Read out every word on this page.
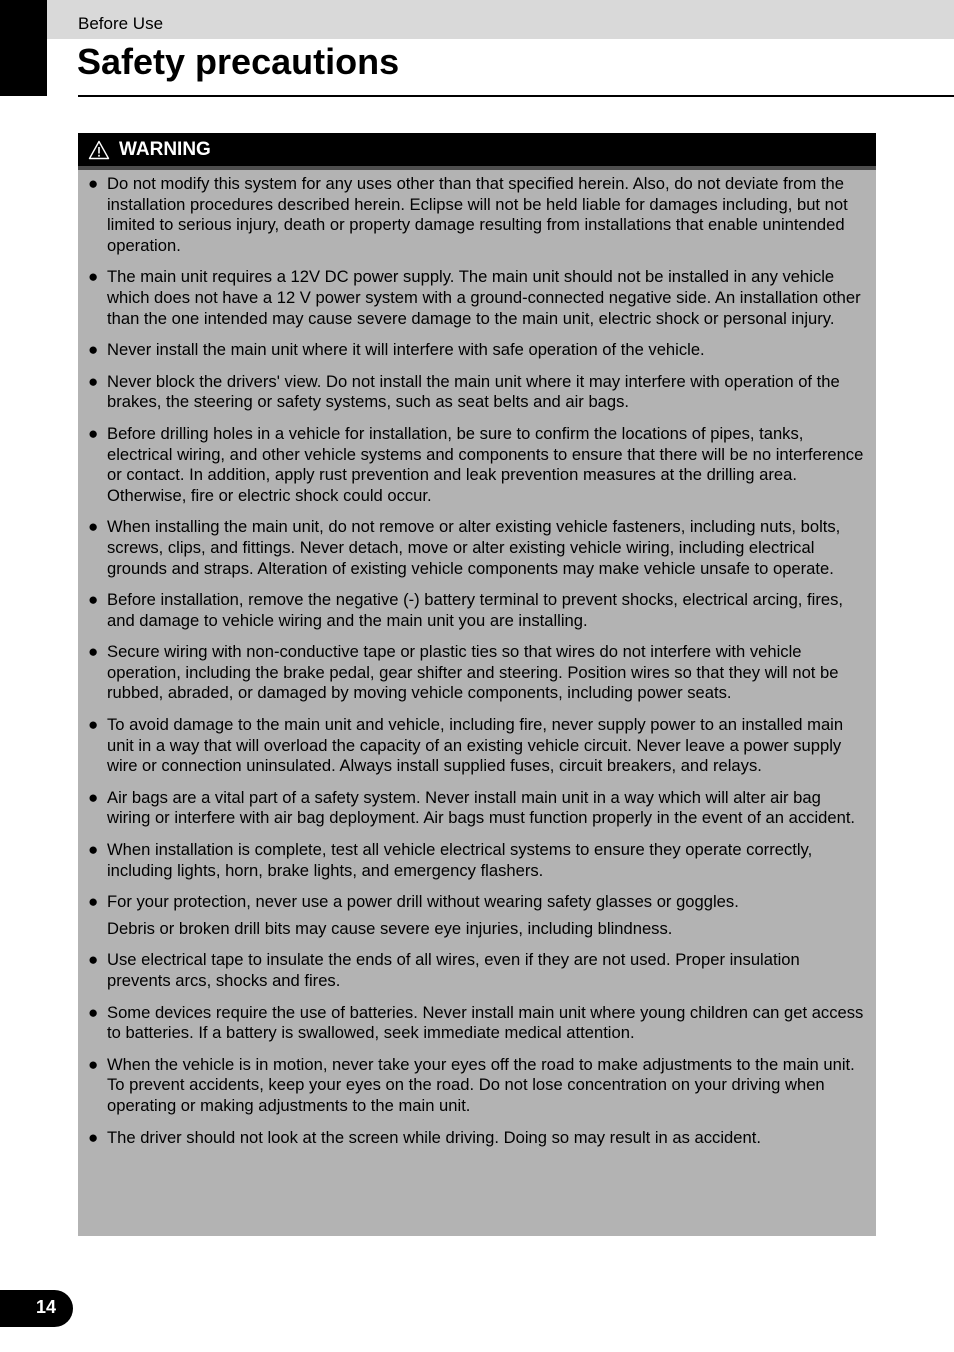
Before Use
Safety precautions
WARNING
● Do not modify this system for any uses other than that specified herein. Also, do not deviate from the installation procedures described herein. Eclipse will not be held liable for damages including, but not limited to serious injury, death or property damage resulting from installations that enable unintended operation.
● The main unit requires a 12V DC power supply. The main unit should not be installed in any vehicle which does not have a 12 V power system with a ground-connected negative side. An installation other than the one intended may cause severe damage to the main unit, electric shock or personal injury.
● Never install the main unit where it will interfere with safe operation of the vehicle.
● Never block the drivers' view. Do not install the main unit where it may interfere with operation of the brakes, the steering or safety systems, such as seat belts and air bags.
● Before drilling holes in a vehicle for installation, be sure to confirm the locations of pipes, tanks, electrical wiring, and other vehicle systems and components to ensure that there will be no interference or contact. In addition, apply rust prevention and leak prevention measures at the drilling area. Otherwise, fire or electric shock could occur.
● When installing the main unit, do not remove or alter existing vehicle fasteners, including nuts, bolts, screws, clips, and fittings. Never detach, move or alter existing vehicle wiring, including electrical grounds and straps. Alteration of existing vehicle components may make vehicle unsafe to operate.
● Before installation, remove the negative (-) battery terminal to prevent shocks, electrical arcing, fires, and damage to vehicle wiring and the main unit you are installing.
● Secure wiring with non-conductive tape or plastic ties so that wires do not interfere with vehicle operation, including the brake pedal, gear shifter and steering. Position wires so that they will not be rubbed, abraded, or damaged by moving vehicle components, including power seats.
● To avoid damage to the main unit and vehicle, including fire, never supply power to an installed main unit in a way that will overload the capacity of an existing vehicle circuit. Never leave a power supply wire or connection uninsulated. Always install supplied fuses, circuit breakers, and relays.
● Air bags are a vital part of a safety system. Never install main unit in a way which will alter air bag wiring or interfere with air bag deployment. Air bags must function properly in the event of an accident.
● When installation is complete, test all vehicle electrical systems to ensure they operate correctly, including lights, horn, brake lights, and emergency flashers.
● For your protection, never use a power drill without wearing safety glasses or goggles.
Debris or broken drill bits may cause severe eye injuries, including blindness.
● Use electrical tape to insulate the ends of all wires, even if they are not used. Proper insulation prevents arcs, shocks and fires.
● Some devices require the use of batteries. Never install main unit where young children can get access to batteries. If a battery is swallowed, seek immediate medical attention.
● When the vehicle is in motion, never take your eyes off the road to make adjustments to the main unit. To prevent accidents, keep your eyes on the road. Do not lose concentration on your driving when operating or making adjustments to the main unit.
● The driver should not look at the screen while driving. Doing so may result in as accident.
14
